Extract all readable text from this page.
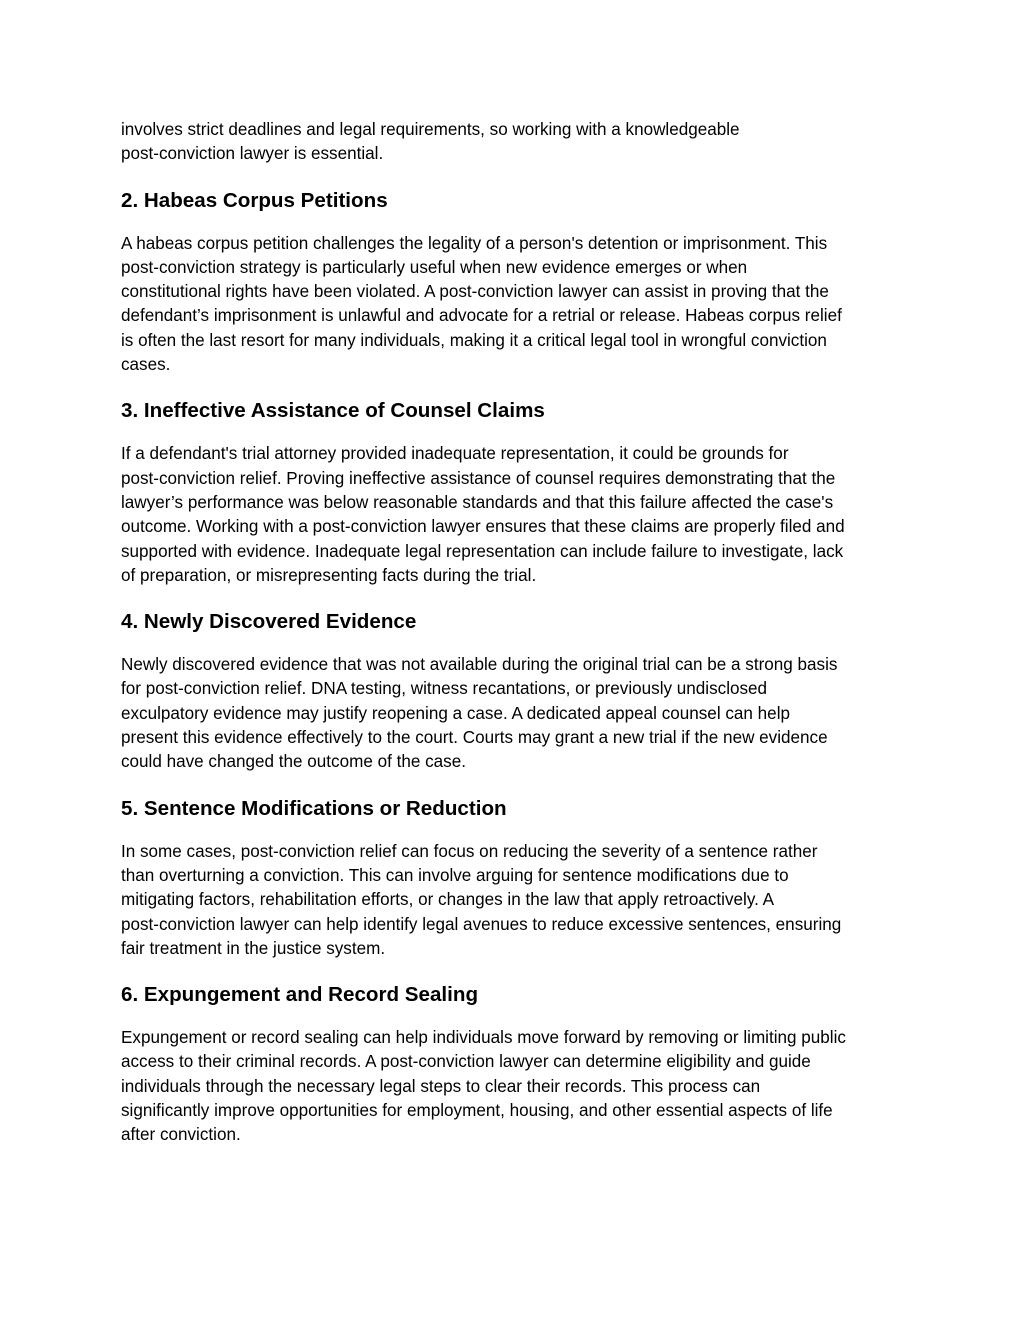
involves strict deadlines and legal requirements, so working with a knowledgeable
post-conviction lawyer is essential.

2. Habeas Corpus Petitions

A habeas corpus petition challenges the legality of a person's detention or imprisonment. This
post-conviction strategy is particularly useful when new evidence emerges or when
constitutional rights have been violated. A post-conviction lawyer can assist in proving that the
defendant’s imprisonment is unlawful and advocate for a retrial or release. Habeas corpus relief
is often the last resort for many individuals, making it a critical legal tool in wrongful conviction
cases.

3. Ineffective Assistance of Counsel Claims

If a defendant's trial attorney provided inadequate representation, it could be grounds for
post-conviction relief. Proving ineffective assistance of counsel requires demonstrating that the
lawyer’s performance was below reasonable standards and that this failure affected the case's
outcome. Working with a post-conviction lawyer ensures that these claims are properly filed and
supported with evidence. Inadequate legal representation can include failure to investigate, lack
of preparation, or misrepresenting facts during the trial.

4. Newly Discovered Evidence

Newly discovered evidence that was not available during the original trial can be a strong basis
for post-conviction relief. DNA testing, witness recantations, or previously undisclosed
exculpatory evidence may justify reopening a case. A dedicated appeal counsel can help
present this evidence effectively to the court. Courts may grant a new trial if the new evidence
could have changed the outcome of the case.

5. Sentence Modifications or Reduction

In some cases, post-conviction relief can focus on reducing the severity of a sentence rather
than overturning a conviction. This can involve arguing for sentence modifications due to
mitigating factors, rehabilitation efforts, or changes in the law that apply retroactively. A
post-conviction lawyer can help identify legal avenues to reduce excessive sentences, ensuring
fair treatment in the justice system.

6. Expungement and Record Sealing

Expungement or record sealing can help individuals move forward by removing or limiting public
access to their criminal records. A post-conviction lawyer can determine eligibility and guide
individuals through the necessary legal steps to clear their records. This process can
significantly improve opportunities for employment, housing, and other essential aspects of life
after conviction.
